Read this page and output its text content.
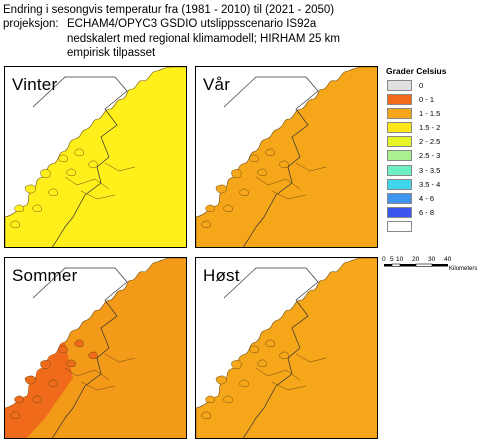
Endring i sesongvis temperatur fra (1981 - 2010) til (2021 - 2050)
projeksjon: ECHAM4/OPYC3 GSDIO utslippsscenario IS92a
nedskalert med regional klimamodell; HIRHAM 25 km
empirisk tilpasset
Vinter	Vår
Sommer	Høst
Grader Celsius
0
0 - 1
1 - 1.5
1.5 - 2
2 - 2.5
2.5 - 3
3 - 3.5
3.5 - 4
4 - 6
6 - 8
0 5 10 20 30 40
Kilometers
